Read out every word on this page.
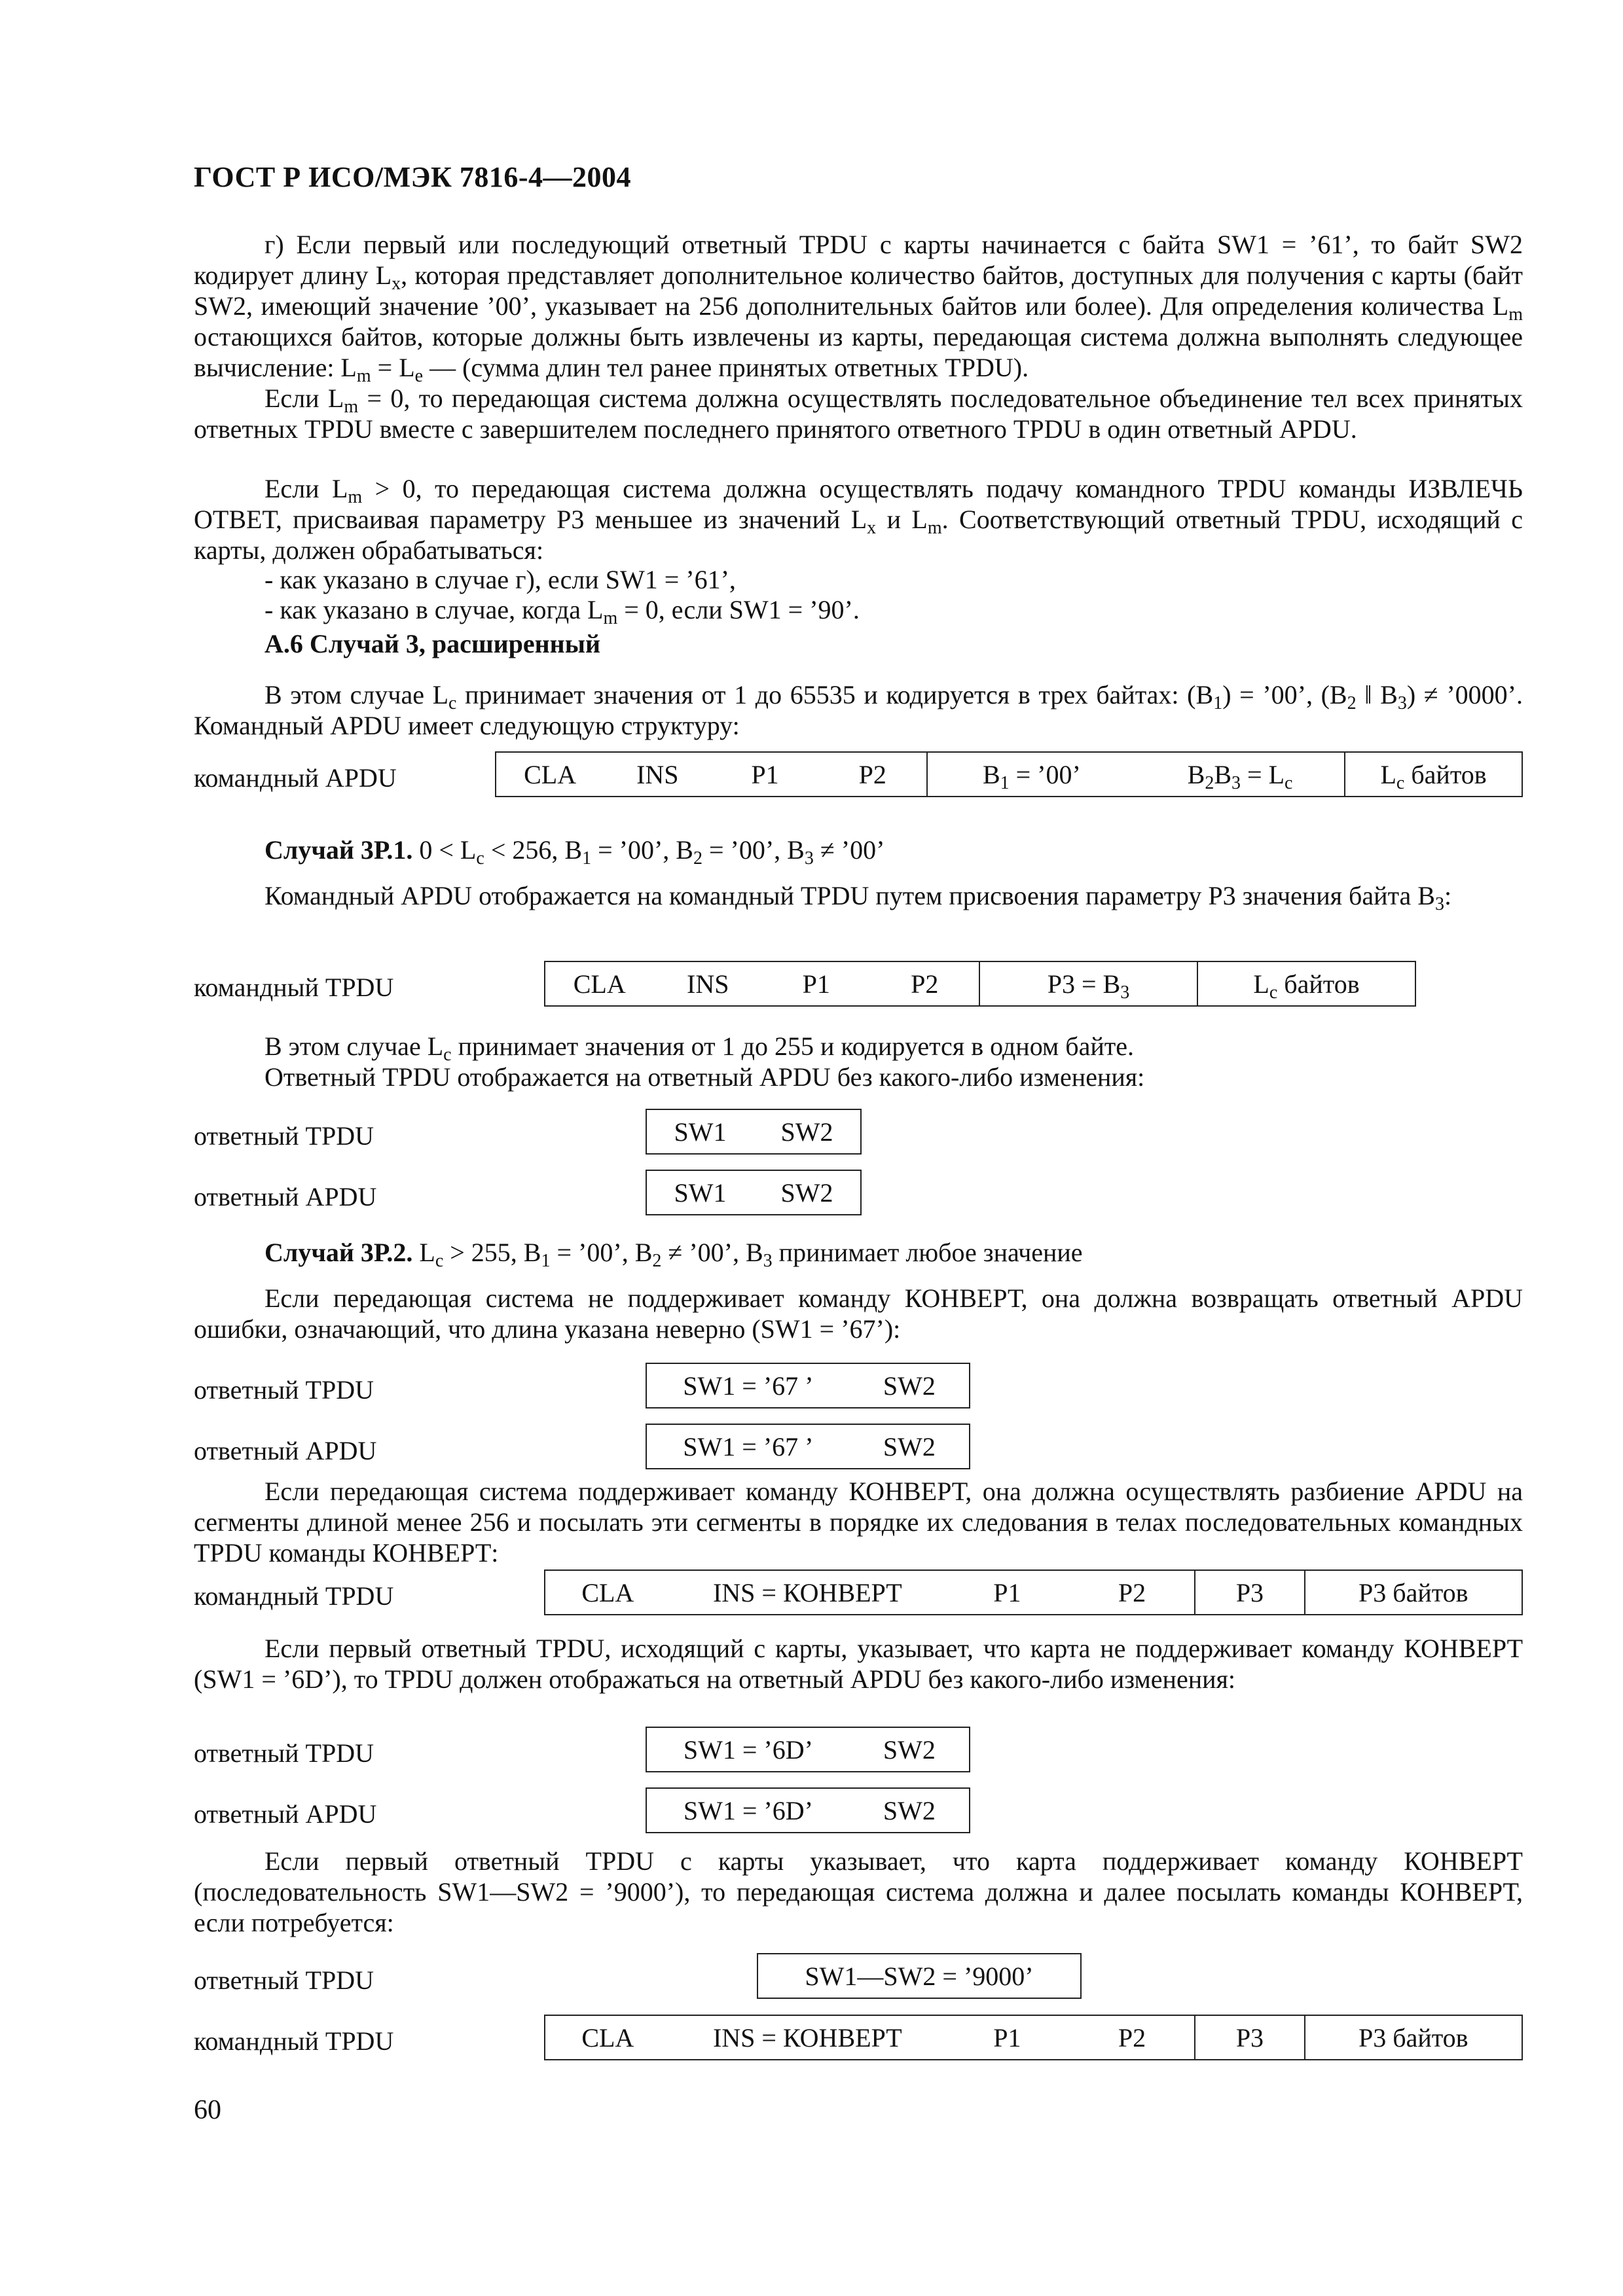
ГОСТ Р ИСО/МЭК 7816-4—2004

г) Если первый или последующий ответный TPDU с карты начинается с байта SW1 = ’61’, то байт SW2 кодирует длину $L_x$, которая представляет дополнительное количество байтов, доступных для получения с карты (байт SW2, имеющий значение ’00’, указывает на 256 дополнительных байтов или более). Для определения количества $L_m$ остающихся байтов, которые должны быть извлечены из карты, передающая система должна выполнять следующее вычисление: $L_m = L_e$ — (сумма длин тел ранее принятых ответных TPDU).

Если $L_m = 0$, то передающая система должна осуществлять последовательное объединение тел всех принятых ответных TPDU вместе с завершителем последнего принятого ответного TPDU в один ответный APDU.

Если $L_m > 0$, то передающая система должна осуществлять подачу командного TPDU команды ИЗВЛЕЧЬ ОТВЕТ, присваивая параметру P3 меньшее из значений $L_x$ и $L_m$. Соответствующий ответный TPDU, исходящий с карты, должен обрабатываться:

- как указано в случае г), если SW1 = ’61’,

- как указано в случае, когда $L_m = 0$, если SW1 = ’90’.

А.6 Случай 3, расширенный

В этом случае $L_c$ принимает значения от 1 до 65535 и кодируется в трех байтах: $(B_1)$ = ’00’, ($B_2$ ‖ $B_3$) ≠ ’0000’. Командный APDU имеет следующую структуру:

командный APDU	CLA	INS	P1	P2	$B_1$ = ’00’	$B_2B_3 = L_c$	$L_c$ байтов
Случай 3Р.1. $0 < L_c < 256$, $B_1$ = ’00’, $B_2$ = ’00’, $B_3$ ≠ ’00’

Командный APDU отображается на командный TPDU путем присвоения параметру P3 значения байта $B_3$:

командный TPDU	CLA	INS	P1	P2	$P3 = B_3$	$L_c$ байтов

В этом случае $L_c$ принимает значения от 1 до 255 и кодируется в одном байте.

Ответный TPDU отображается на ответный APDU без какого-либо изменения:

ответный TPDU	SW1	SW2
ответный APDU	SW1	SW2
Случай 3Р.2. $L_c > 255$, $B_1$ = ’00’, $B_2$ ≠ ’00’, $B_3$ принимает любое значение

Если передающая система не поддерживает команду КОНВЕРТ, она должна возвращать ответный APDU ошибки, означающий, что длина указана неверно (SW1 = ’67’):

ответный TPDU	SW1 = ’67 ’	SW2
ответный APDU	SW1 = ’67 ’	SW2

Если передающая система поддерживает команду КОНВЕРТ, она должна осуществлять разбиение APDU на сегменты длиной менее 256 и посылать эти сегменты в порядке их следования в телах последовательных командных TPDU команды КОНВЕРТ:

командный TPDU	CLA	INS = КОНВЕРТ	P1	P2	P3	P3 байтов

Если первый ответный TPDU, исходящий с карты, указывает, что карта не поддерживает команду КОНВЕРТ (SW1 = ’6D’), то TPDU должен отображаться на ответный APDU без какого-либо изменения:

ответный TPDU	SW1 = ’6D’	SW2
ответный APDU	SW1 = ’6D’	SW2

Если первый ответный TPDU с карты указывает, что карта поддерживает команду КОНВЕРТ (последовательность SW1—SW2 = ’9000’), то передающая система должна и далее посылать команды КОНВЕРТ, если потребуется:

ответный TPDU	SW1—SW2 = ’9000’
командный TPDU	CLA	INS = КОНВЕРТ	P1	P2	P3	P3 байтов
60
